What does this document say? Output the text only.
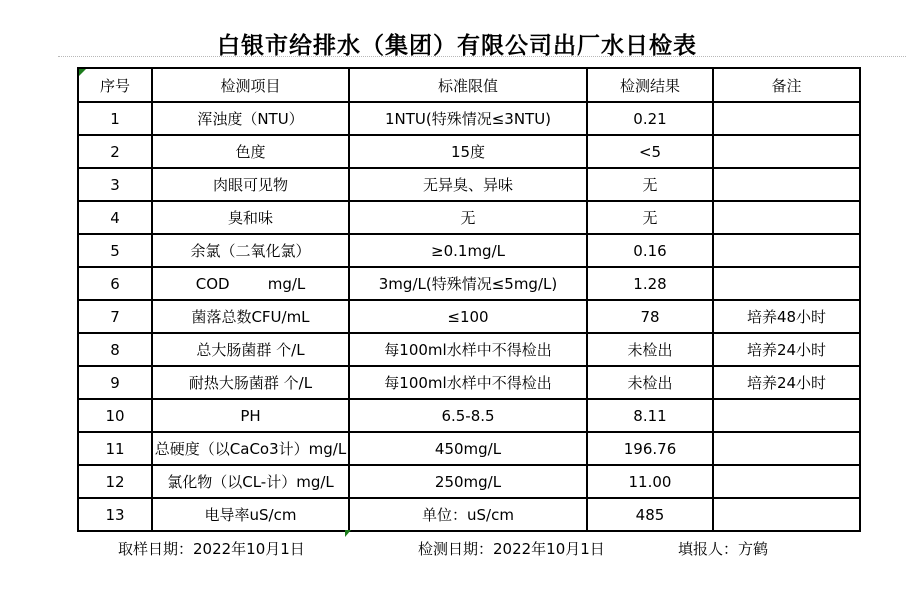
白银市给排水（集团）有限公司出厂水日检表
序号	检测项目	标准限值	检测结果	备注
1	浑浊度（NTU）	1NTU(特殊情况≤3NTU)	0.21	
2	色度	15度	<5	
3	肉眼可见物	无异臭、异味	无	
4	臭和味	无	无	
5	余氯（二氧化氯）	≥0.1mg/L	0.16	
6	COD        mg/L	3mg/L(特殊情况≤5mg/L)	1.28	
7	菌落总数CFU/mL	≤100	78	培养48小时
8	总大肠菌群 个/L	每100ml水样中不得检出	未检出	培养24小时
9	耐热大肠菌群 个/L	每100ml水样中不得检出	未检出	培养24小时
10	PH	6.5-8.5	8.11	
11	总硬度（以CaCo3计）mg/L	450mg/L	196.76	
12	氯化物（以CL-计）mg/L	250mg/L	11.00	
13	电导率uS/cm	单位：uS/cm	485	

取样日期：2022年10月1日

	检测日期：2022年10月1日

	填报人：方鹤
